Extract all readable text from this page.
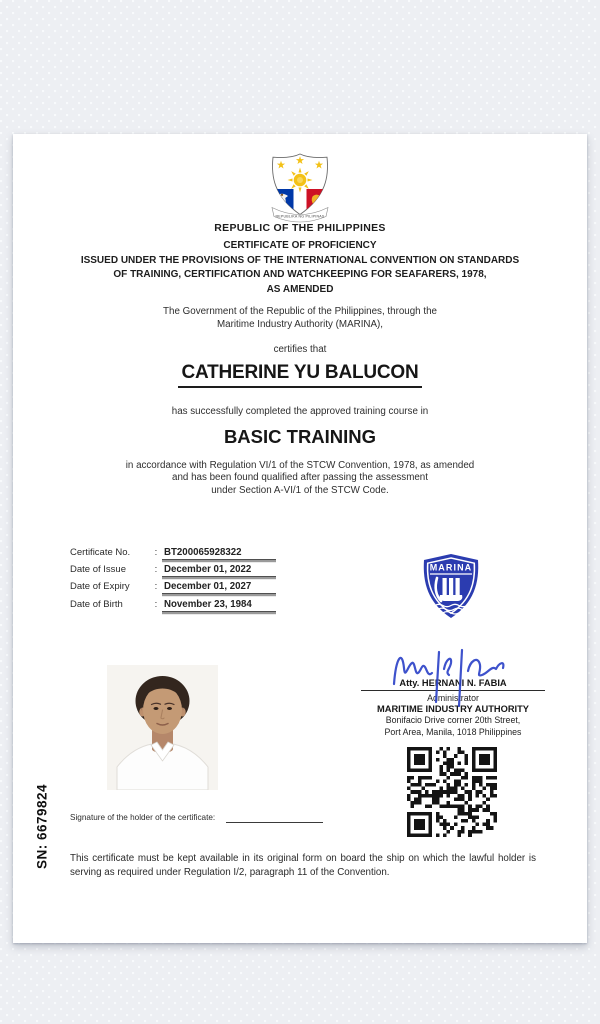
REPUBLIKA NG PILIPINAS
REPUBLIC OF THE PHILIPPINES
CERTIFICATE OF PROFICIENCY
ISSUED UNDER THE PROVISIONS OF THE INTERNATIONAL CONVENTION ON STANDARDS
OF TRAINING, CERTIFICATION AND WATCHKEEPING FOR SEAFARERS, 1978,
AS AMENDED
The Government of the Republic of the Philippines, through the
Maritime Industry Authority (MARINA),
certifies that
CATHERINE YU BALUCON
has successfully completed the approved training course in
BASIC TRAINING
in accordance with Regulation VI/1 of the STCW Convention, 1978, as amended
and has been found qualified after passing the assessment
under Section A-VI/1 of the STCW Code.
Certificate No.	: BT200065928322
Date of Issue	: December 01, 2022
Date of Expiry	: December 01, 2027
Date of Birth	: November 23, 1984
MARINA
Atty. HERNANI N. FABIA
Administrator
MARITIME INDUSTRY AUTHORITY
Bonifacio Drive corner 20th Street,
Port Area, Manila, 1018 Philippines
Signature of the holder of the certificate:
SN: 6679824	This certificate must be kept available in its original form on board the ship on which the lawful holder is
serving as required under Regulation I/2, paragraph 11 of the Convention.
